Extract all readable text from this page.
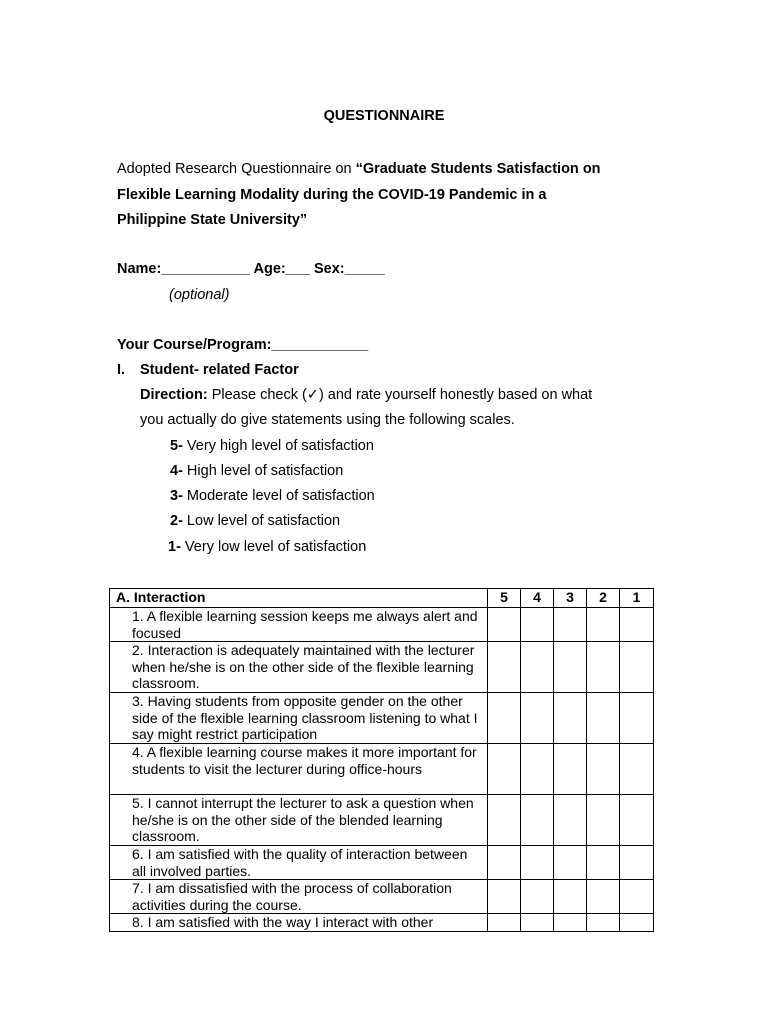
QUESTIONNAIRE
Adopted Research Questionnaire on “Graduate Students Satisfaction on
Flexible Learning Modality during the COVID-19 Pandemic in a
Philippine State University”
Name:___________ Age:___ Sex:_____
(optional)
Your Course/Program:____________
I. Student- related Factor
Direction: Please check (✓) and rate yourself honestly based on what
you actually do give statements using the following scales.
5- Very high level of satisfaction
4- High level of satisfaction
3- Moderate level of satisfaction
2- Low level of satisfaction
1- Very low level of satisfaction
A. Interaction	5	4	3	2	1
1. A flexible learning session keeps me always alert and focused					
2. Interaction is adequately maintained with the lecturer when he/she is on the other side of the flexible learning classroom.					
3. Having students from opposite gender on the other side of the flexible learning classroom listening to what I say might restrict participation					
4. A flexible learning course makes it more important for students to visit the lecturer during office-hours					
5. I cannot interrupt the lecturer to ask a question when he/she is on the other side of the blended learning classroom.					
6. I am satisfied with the quality of interaction between all involved parties.					
7. I am dissatisfied with the process of collaboration activities during the course.					
8. I am satisfied with the way I interact with other					
